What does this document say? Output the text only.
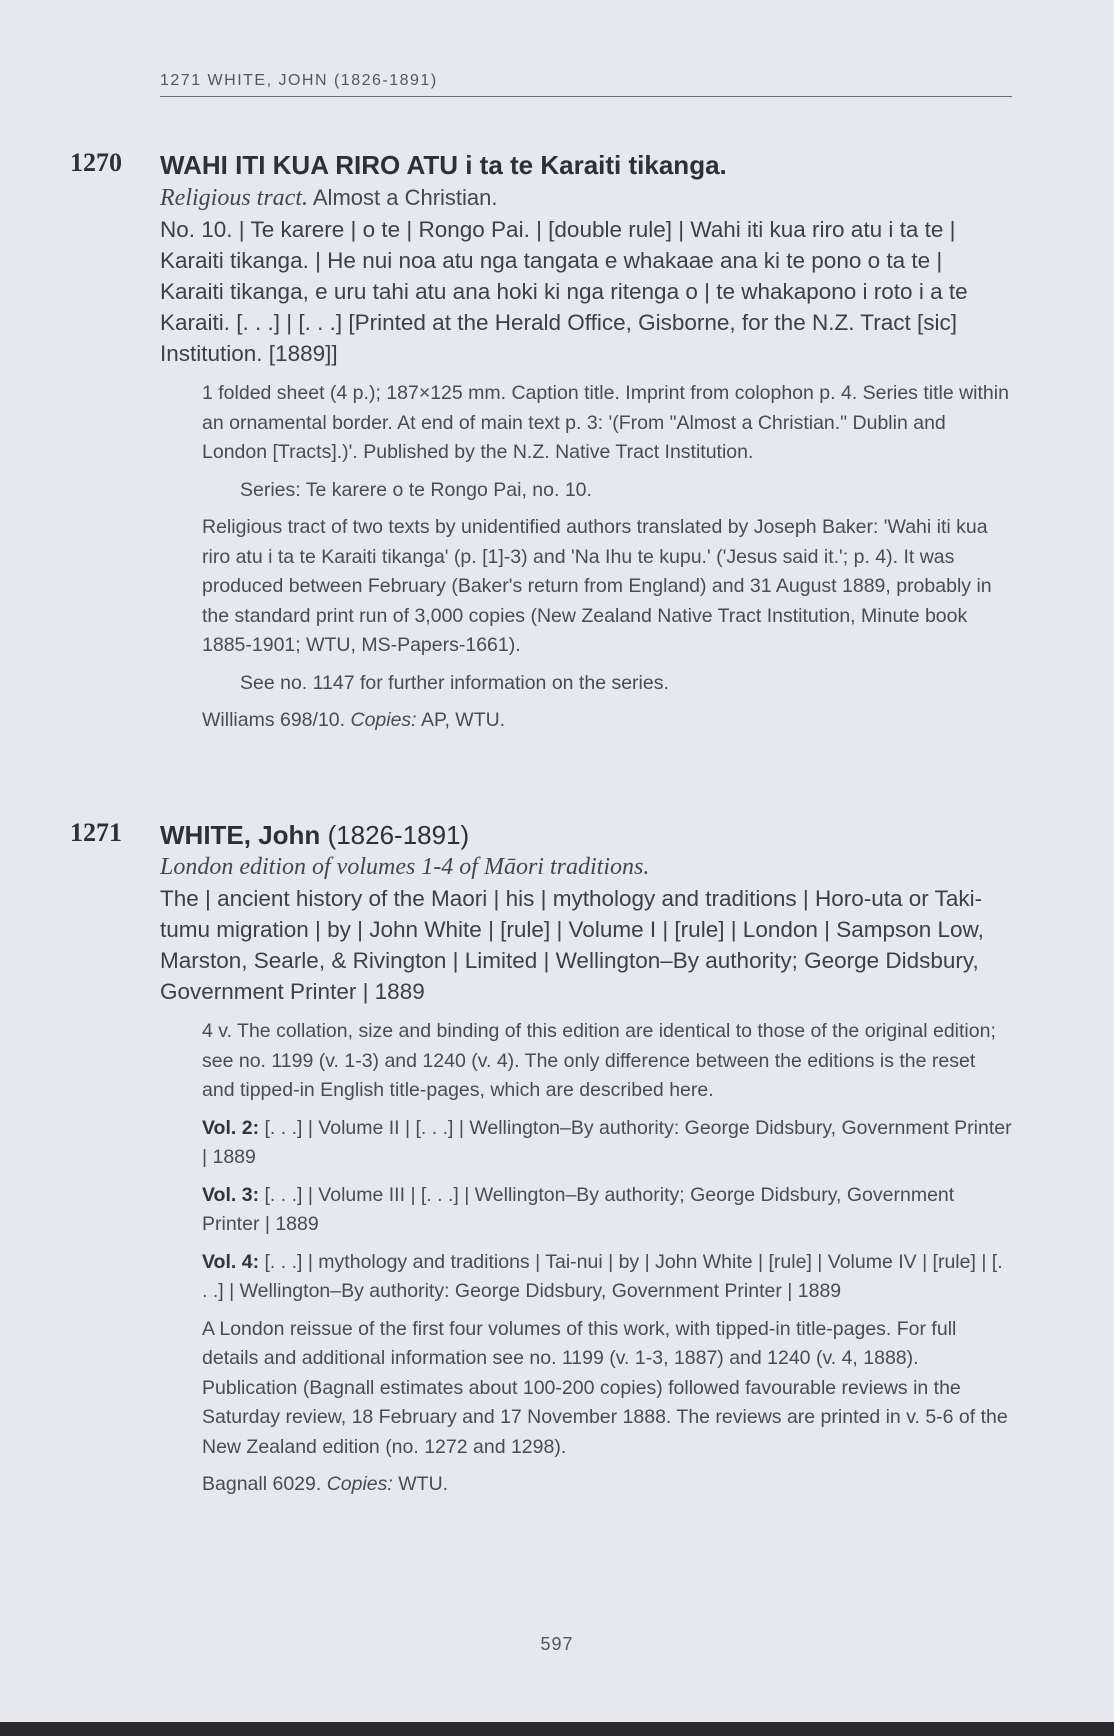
1271 WHITE, JOHN (1826-1891)
1270 WAHI ITI KUA RIRO ATU i ta te Karaiti tikanga.
Religious tract. Almost a Christian.

No. 10. | Te karere | o te | Rongo Pai. | [double rule] | Wahi iti kua riro atu i ta te | Karaiti tikanga. | He nui noa atu nga tangata e whakaae ana ki te pono o ta te | Karaiti tikanga, e uru tahi atu ana hoki ki nga ritenga o | te whakapono i roto i a te Karaiti. [. . .] | [. . .] [Printed at the Herald Office, Gisborne, for the N.Z. Tract [sic] Institution. [1889]]

1 folded sheet (4 p.); 187×125 mm. Caption title. Imprint from colophon p. 4. Series title within an ornamental border. At end of main text p. 3: '(From "Almost a Christian." Dublin and London [Tracts].)'. Published by the N.Z. Native Tract Institution.

Series: Te karere o te Rongo Pai, no. 10.

Religious tract of two texts by unidentified authors translated by Joseph Baker: 'Wahi iti kua riro atu i ta te Karaiti tikanga' (p. [1]-3) and 'Na Ihu te kupu.' ('Jesus said it.'; p. 4). It was produced between February (Baker's return from England) and 31 August 1889, probably in the standard print run of 3,000 copies (New Zealand Native Tract Institution, Minute book 1885-1901; WTU, MS-Papers-1661).

See no. 1147 for further information on the series.

Williams 698/10. Copies: AP, WTU.

1271 WHITE, John (1826-1891)
London edition of volumes 1-4 of Māori traditions.

The | ancient history of the Maori | his | mythology and traditions | Horo-uta or Taki-tumu migration | by | John White | [rule] | Volume I | [rule] | London | Sampson Low, Marston, Searle, & Rivington | Limited | Wellington–By authority; George Didsbury, Government Printer | 1889

4 v. The collation, size and binding of this edition are identical to those of the original edition; see no. 1199 (v. 1-3) and 1240 (v. 4). The only difference between the editions is the reset and tipped-in English title-pages, which are described here.

Vol. 2: [. . .] | Volume II | [. . .] | Wellington–By authority: George Didsbury, Government Printer | 1889

Vol. 3: [. . .] | Volume III | [. . .] | Wellington–By authority; George Didsbury, Government Printer | 1889

Vol. 4: [. . .] | mythology and traditions | Tai-nui | by | John White | [rule] | Volume IV | [rule] | [. . .] | Wellington–By authority: George Didsbury, Government Printer | 1889

A London reissue of the first four volumes of this work, with tipped-in title-pages. For full details and additional information see no. 1199 (v. 1-3, 1887) and 1240 (v. 4, 1888). Publication (Bagnall estimates about 100-200 copies) followed favourable reviews in the Saturday review, 18 February and 17 November 1888. The reviews are printed in v. 5-6 of the New Zealand edition (no. 1272 and 1298).

Bagnall 6029. Copies: WTU.

597
